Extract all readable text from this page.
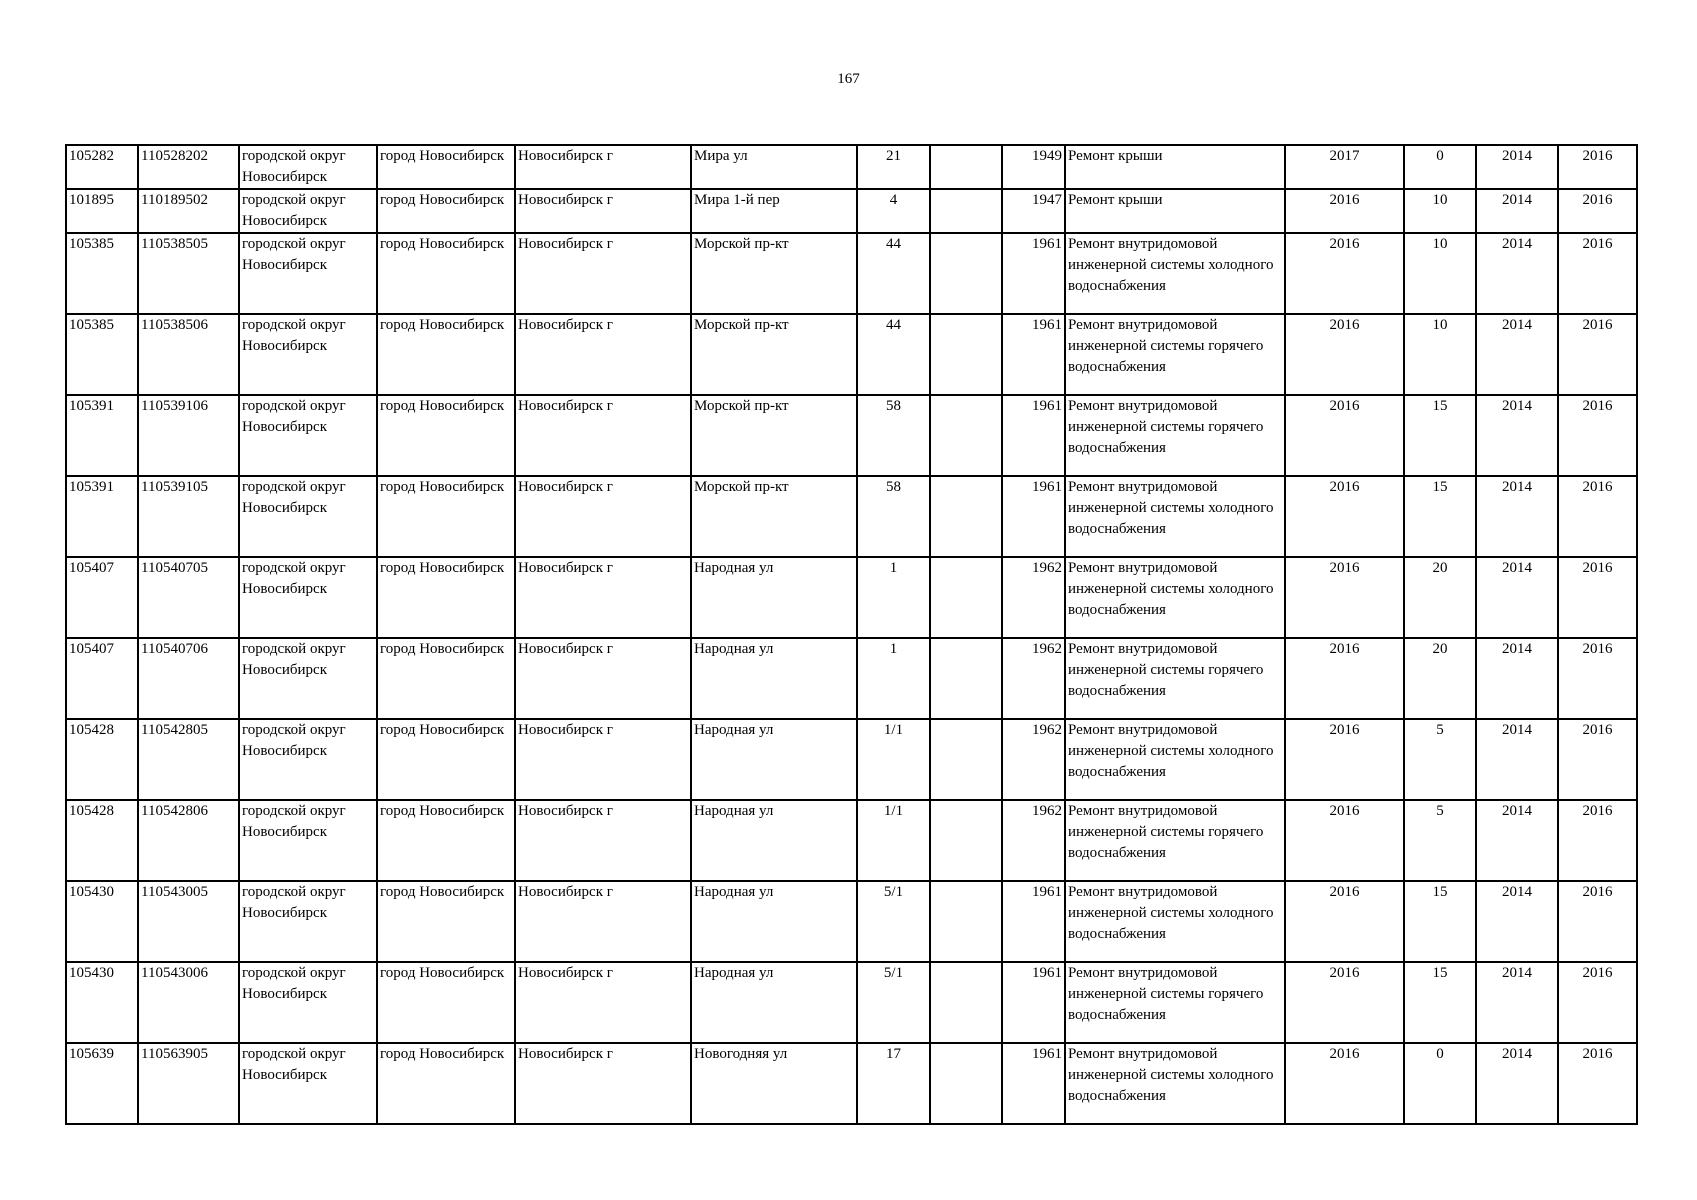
167
105282	110528202	городской округ Новосибирск	город Новосибирск	Новосибирск г	Мира ул	21		1949	Ремонт крыши	2017	0	2014	2016

101895	110189502	городской округ Новосибирск	город Новосибирск	Новосибирск г	Мира 1-й пер	4		1947	Ремонт крыши	2016	10	2014	2016

105385	110538505	городской округ Новосибирск	город Новосибирск	Новосибирск г	Морской пр-кт	44		1961	Ремонт внутридомовой инженерной системы холодного водоснабжения	2016	10	2014	2016

105385	110538506	городской округ Новосибирск	город Новосибирск	Новосибирск г	Морской пр-кт	44		1961	Ремонт внутридомовой инженерной системы горячего водоснабжения	2016	10	2014	2016

105391	110539106	городской округ Новосибирск	город Новосибирск	Новосибирск г	Морской пр-кт	58		1961	Ремонт внутридомовой инженерной системы горячего водоснабжения	2016	15	2014	2016

105391	110539105	городской округ Новосибирск	город Новосибирск	Новосибирск г	Морской пр-кт	58		1961	Ремонт внутридомовой инженерной системы холодного водоснабжения	2016	15	2014	2016

105407	110540705	городской округ Новосибирск	город Новосибирск	Новосибирск г	Народная ул	1		1962	Ремонт внутридомовой инженерной системы холодного водоснабжения	2016	20	2014	2016

105407	110540706	городской округ Новосибирск	город Новосибирск	Новосибирск г	Народная ул	1		1962	Ремонт внутридомовой инженерной системы горячего водоснабжения	2016	20	2014	2016

105428	110542805	городской округ Новосибирск	город Новосибирск	Новосибирск г	Народная ул	1/1		1962	Ремонт внутридомовой инженерной системы холодного водоснабжения	2016	5	2014	2016

105428	110542806	городской округ Новосибирск	город Новосибирск	Новосибирск г	Народная ул	1/1		1962	Ремонт внутридомовой инженерной системы горячего водоснабжения	2016	5	2014	2016

105430	110543005	городской округ Новосибирск	город Новосибирск	Новосибирск г	Народная ул	5/1		1961	Ремонт внутридомовой инженерной системы холодного водоснабжения	2016	15	2014	2016

105430	110543006	городской округ Новосибирск	город Новосибирск	Новосибирск г	Народная ул	5/1		1961	Ремонт внутридомовой инженерной системы горячего водоснабжения	2016	15	2014	2016

105639	110563905	городской округ Новосибирск	город Новосибирск	Новосибирск г	Новогодняя ул	17		1961	Ремонт внутридомовой инженерной системы холодного водоснабжения	2016	0	2014	2016
